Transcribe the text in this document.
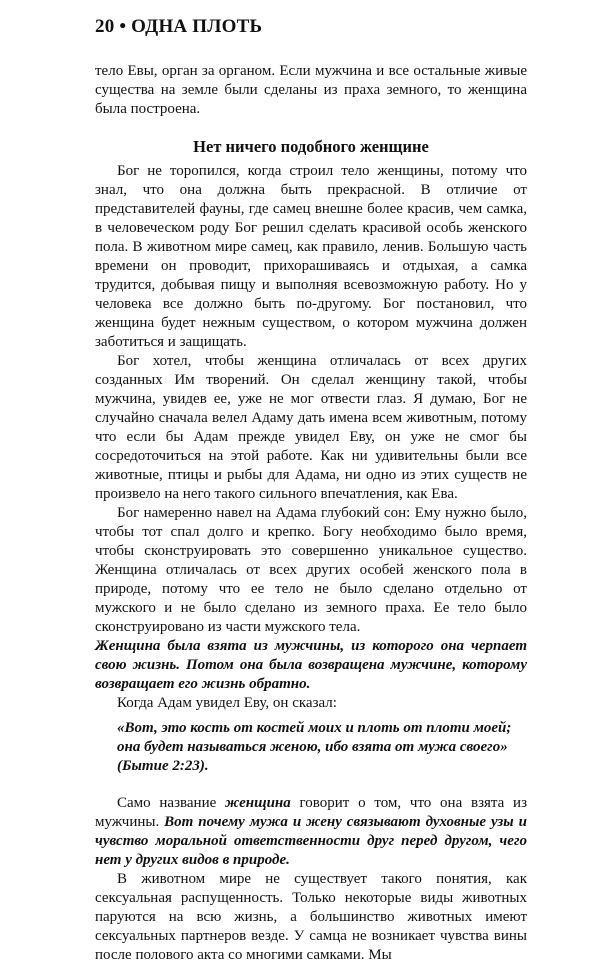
20 • ОДНА ПЛОТЬ

тело Евы, орган за органом. Если мужчина и все остальные живые существа на земле были сделаны из праха земного, то женщина была построена.

Нет ничего подобного женщине

Бог не торопился, когда строил тело женщины, потому что знал, что она должна быть прекрасной. В отличие от представителей фауны, где самец внешне более красив, чем самка, в человеческом роду Бог решил сделать красивой особь женского пола. В животном мире самец, как правило, ленив. Большую часть времени он проводит, прихорашиваясь и отдыхая, а самка трудится, добывая пищу и выполняя всевозможную работу. Но у человека все должно быть по-другому. Бог постановил, что женщина будет нежным существом, о котором мужчина должен заботиться и защищать.

Бог хотел, чтобы женщина отличалась от всех других созданных Им творений. Он сделал женщину такой, чтобы мужчина, увидев ее, уже не мог отвести глаз. Я думаю, Бог не случайно сначала велел Адаму дать имена всем животным, потому что если бы Адам прежде увидел Еву, он уже не смог бы сосредоточиться на этой работе. Как ни удивительны были все животные, птицы и рыбы для Адама, ни одно из этих существ не произвело на него такого сильного впечатления, как Ева.

Бог намеренно навел на Адама глубокий сон: Ему нужно было, чтобы тот спал долго и крепко. Богу необходимо было время, чтобы сконструировать это совершенно уникальное существо. Женщина отличалась от всех других особей женского пола в природе, потому что ее тело не было сделано отдельно от мужского и не было сделано из земного праха. Ее тело было сконструировано из части мужского тела.

Женщина была взята из мужчины, из которого она черпает свою жизнь. Потом она была возвращена мужчине, которому возвращает его жизнь обратно.

Когда Адам увидел Еву, он сказал:

«Вот, это кость от костей моих и плоть от плоти моей; она будет называться женою, ибо взята от мужа своего» (Бытие 2:23).

Само название женщина говорит о том, что она взята из мужчины. Вот почему мужа и жену связывают духовные узы и чувство моральной ответственности друг перед другом, чего нет у других видов в природе.

В животном мире не существует такого понятия, как сексуальная распущенность. Только некоторые виды животных паруются на всю жизнь, а большинство животных имеют сексуальных партнеров везде. У самца не возникает чувства вины после полового акта со многими самками. Мы
